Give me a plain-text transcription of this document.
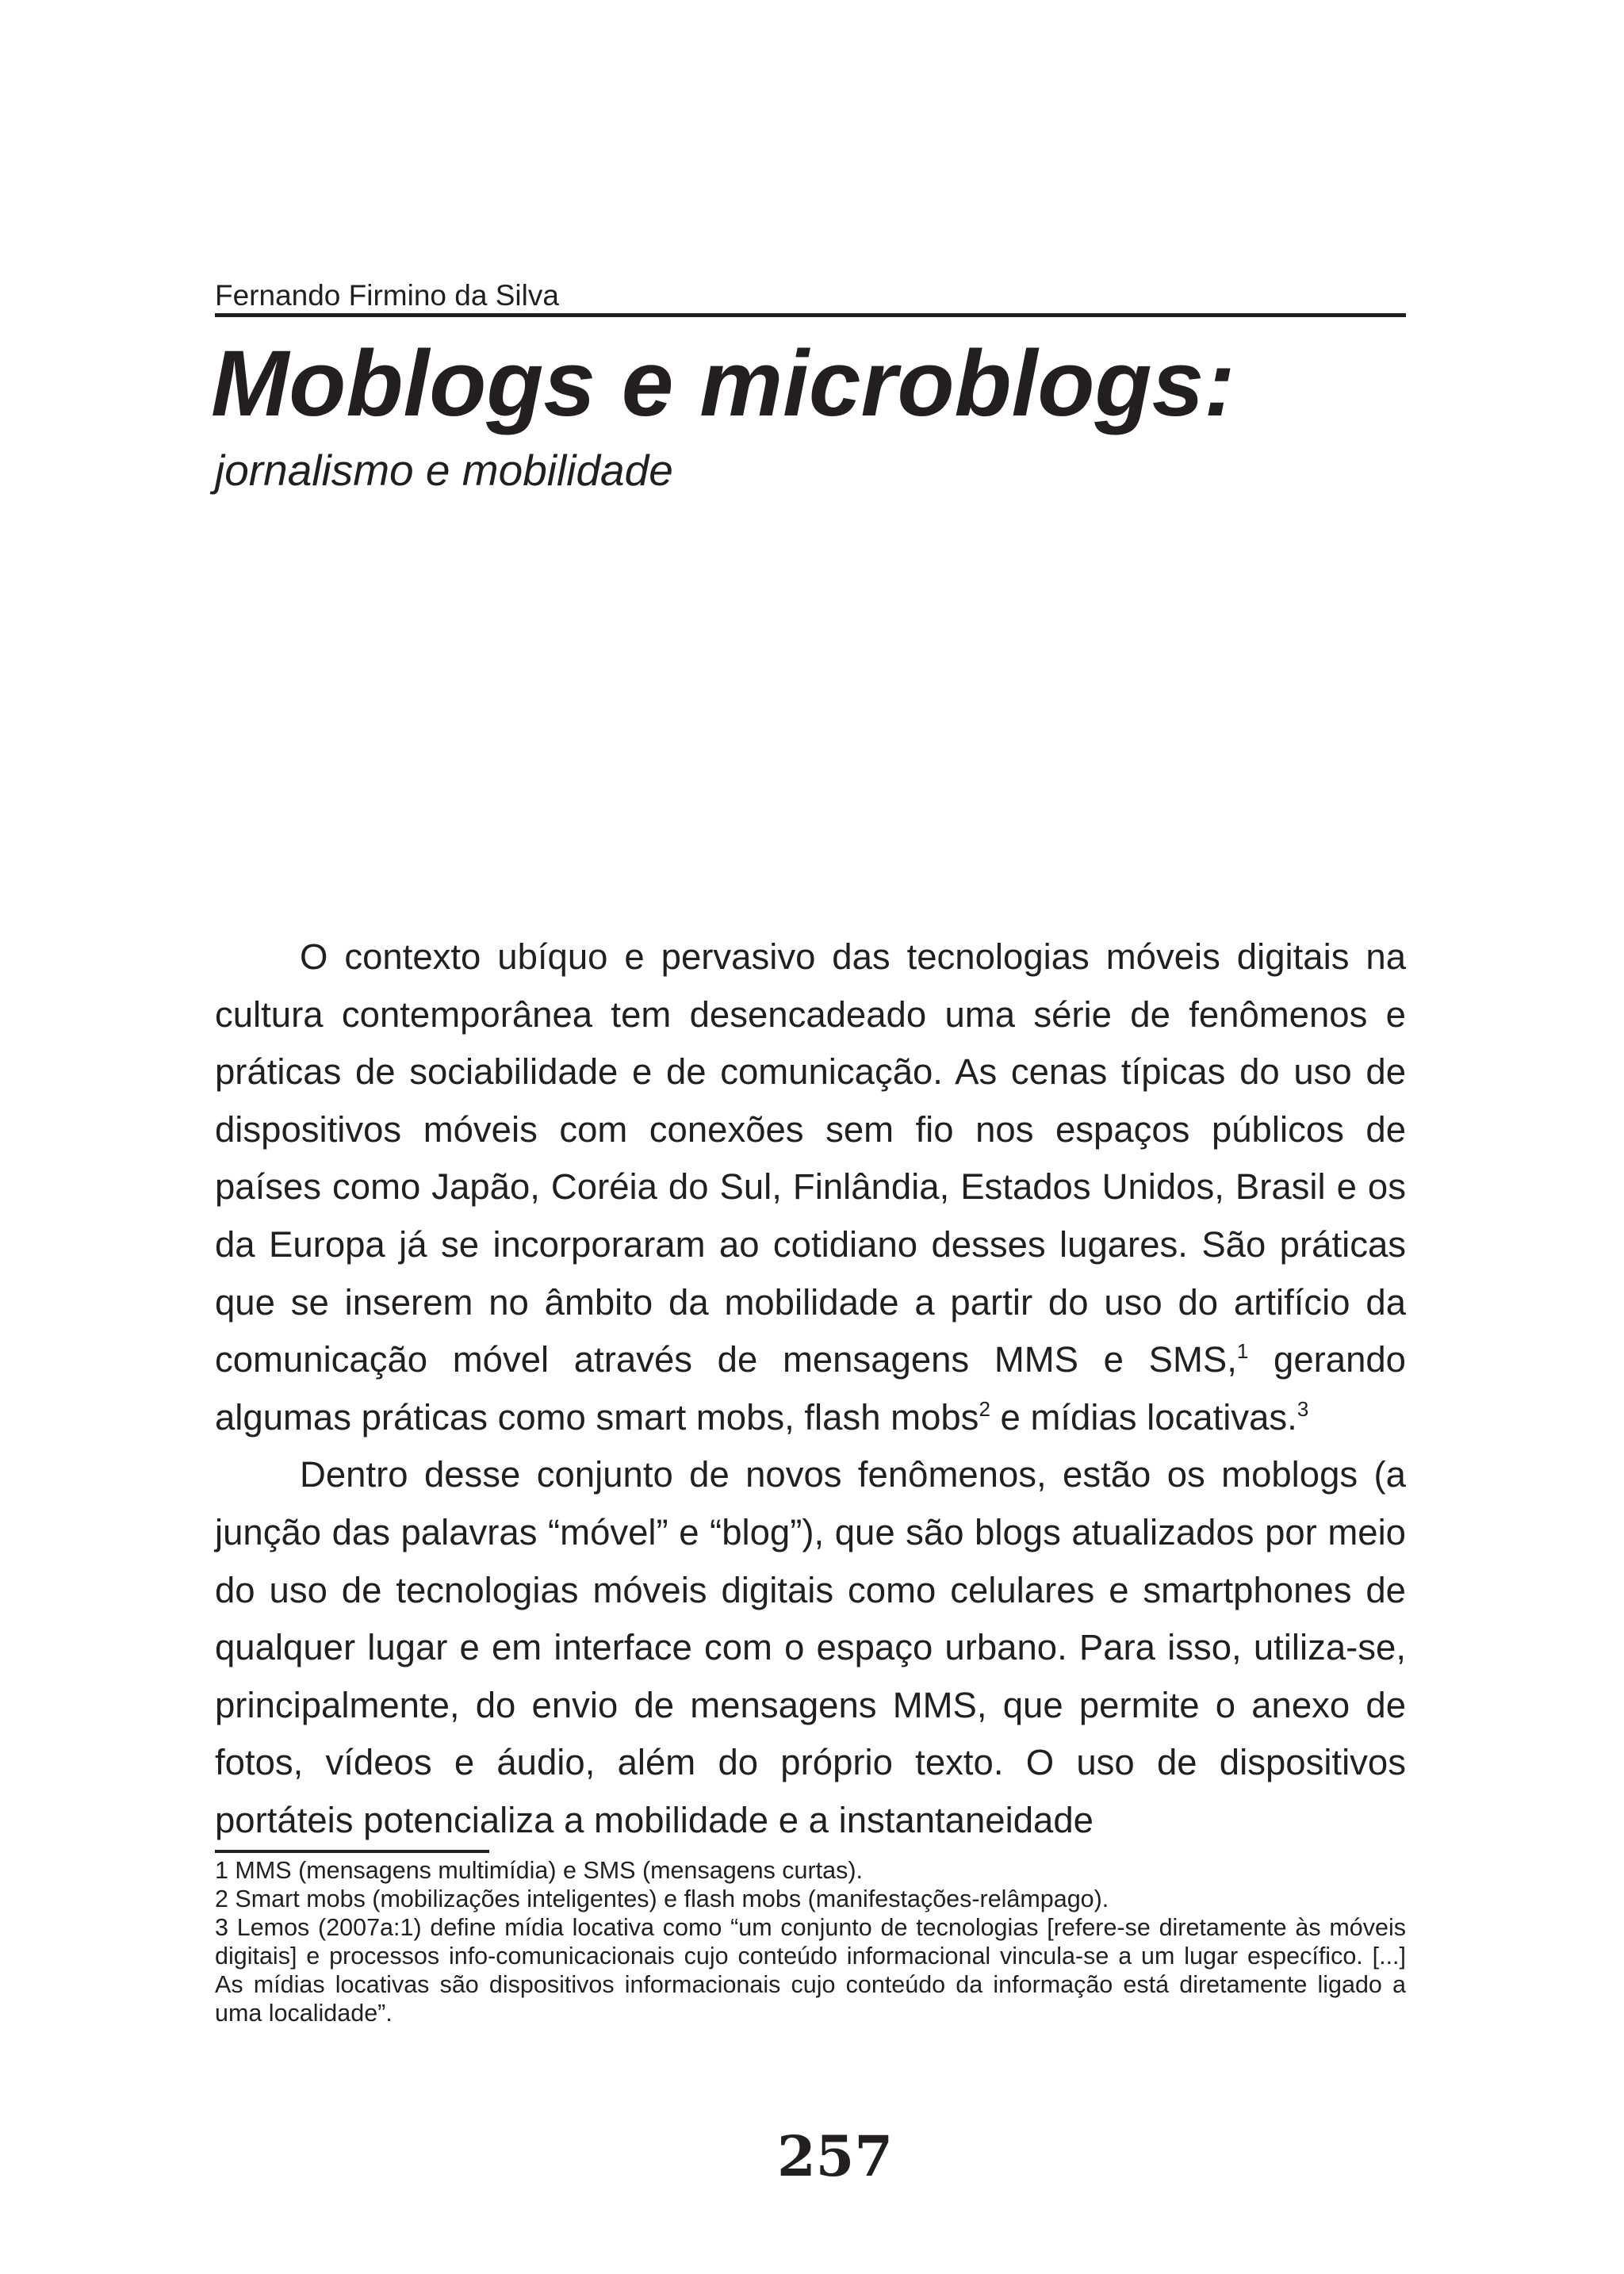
Fernando Firmino da Silva
Moblogs e microblogs:
jornalismo e mobilidade

O contexto ubíquo e pervasivo das tecnologias móveis digitais na cultura contemporânea tem desencadeado uma série de fenômenos e práticas de sociabilidade e de comunicação. As cenas típicas do uso de dispositivos móveis com conexões sem fio nos espaços públicos de países como Japão, Coréia do Sul, Finlândia, Estados Unidos, Brasil e os da Europa já se incorporaram ao cotidiano desses lugares. São práticas que se inserem no âmbito da mobilidade a partir do uso do artifício da comunicação móvel através de mensagens MMS e SMS,$^1$ gerando algumas práticas como smart mobs, flash mobs$^2$ e mídias locativas.$^3$

Dentro desse conjunto de novos fenômenos, estão os moblogs (a junção das palavras “móvel” e “blog”), que são blogs atualizados por meio do uso de tecnologias móveis digitais como celulares e smartphones de qualquer lugar e em interface com o espaço urbano. Para isso, utiliza-se, principalmente, do envio de mensagens MMS, que permite o anexo de fotos, vídeos e áudio, além do próprio texto. O uso de dispositivos portáteis potencializa a mobilidade e a instantaneidade

1 MMS (mensagens multimídia) e SMS (mensagens curtas).

2 Smart mobs (mobilizações inteligentes) e flash mobs (manifestações-relâmpago).

3 Lemos (2007a:1) define mídia locativa como “um conjunto de tecnologias [refere-se diretamente às móveis digitais] e processos info-comunicacionais cujo conteúdo informacional vincula-se a um lugar específico. [...] As mídias locativas são dispositivos informacionais cujo conteúdo da informação está diretamente ligado a uma localidade”.

257
